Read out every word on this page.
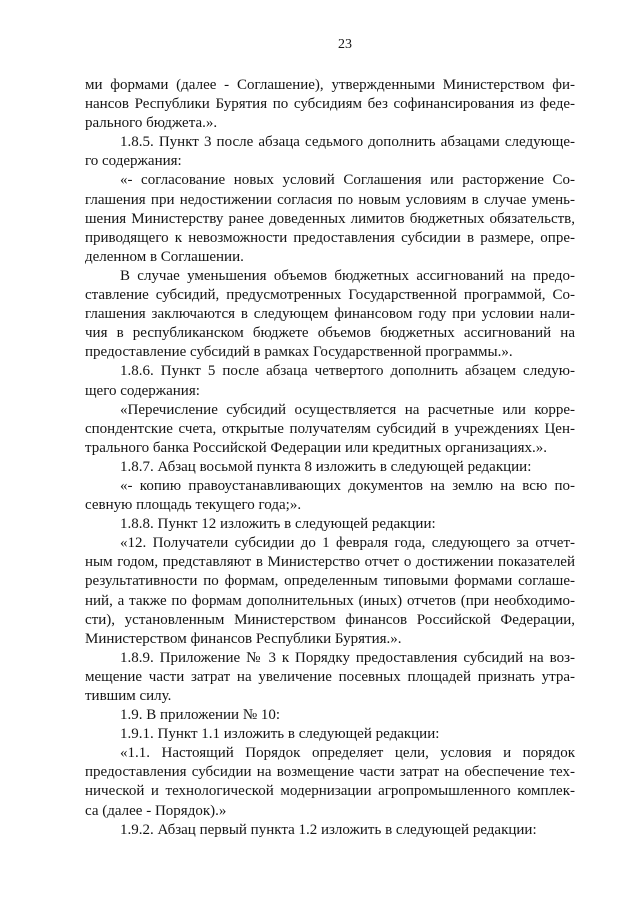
23
ми формами (далее - Соглашение), утвержденными Министерством фи-
нансов Республики Бурятия по субсидиям без софинансирования из феде-
рального бюджета.».
1.8.5. Пункт 3 после абзаца седьмого дополнить абзацами следующе-
го содержания:
«- согласование новых условий Соглашения или расторжение Со-
глашения при недостижении согласия по новым условиям в случае умень-
шения Министерству ранее доведенных лимитов бюджетных обязательств,
приводящего к невозможности предоставления субсидии в размере, опре-
деленном в Соглашении.
В случае уменьшения объемов бюджетных ассигнований на предо-
ставление субсидий, предусмотренных Государственной программой, Со-
глашения заключаются в следующем финансовом году при условии нали-
чия в республиканском бюджете объемов бюджетных ассигнований на
предоставление субсидий в рамках Государственной программы.».
1.8.6. Пункт 5 после абзаца четвертого дополнить абзацем следую-
щего содержания:
«Перечисление субсидий осуществляется на расчетные или корре-
спондентские счета, открытые получателям субсидий в учреждениях Цен-
трального банка Российской Федерации или кредитных организациях.».
1.8.7. Абзац восьмой пункта 8 изложить в следующей редакции:
«- копию правоустанавливающих документов на землю на всю по-
севную площадь текущего года;».
1.8.8. Пункт 12 изложить в следующей редакции:
«12. Получатели субсидии до 1 февраля года, следующего за отчет-
ным годом, представляют в Министерство отчет о достижении показателей
результативности по формам, определенным типовыми формами соглаше-
ний, а также по формам дополнительных (иных) отчетов (при необходимо-
сти), установленным Министерством финансов Российской Федерации,
Министерством финансов Республики Бурятия.».
1.8.9. Приложение № 3 к Порядку предоставления субсидий на воз-
мещение части затрат на увеличение посевных площадей признать утра-
тившим силу.
1.9. В приложении № 10:
1.9.1. Пункт 1.1 изложить в следующей редакции:
«1.1. Настоящий Порядок определяет цели, условия и порядок
предоставления субсидии на возмещение части затрат на обеспечение тех-
нической и технологической модернизации агропромышленного комплек-
са (далее - Порядок).»
1.9.2. Абзац первый пункта 1.2 изложить в следующей редакции:
